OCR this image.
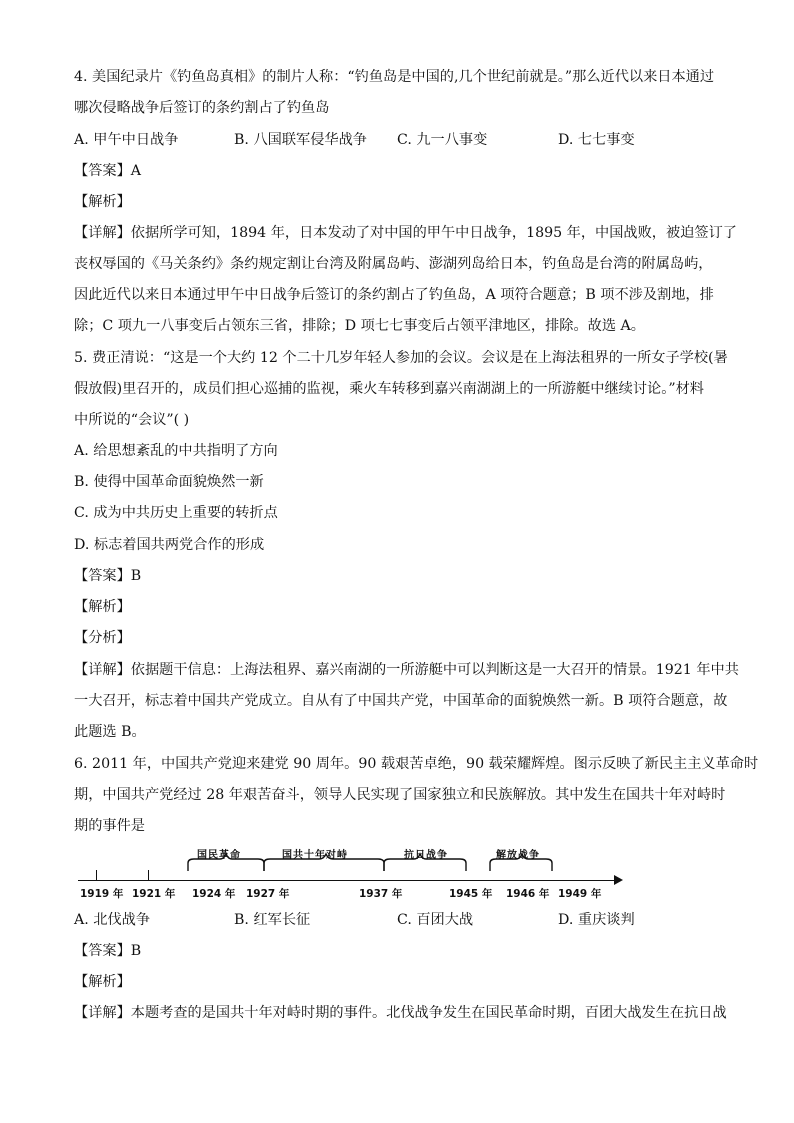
4. 美国纪录片《钓鱼岛真相》的制片人称：“钓鱼岛是中国的,几个世纪前就是。”那么近代以来日本通过
哪次侵略战争后签订的条约割占了钓鱼岛
A. 甲午中日战争	B. 八国联军侵华战争 C. 九一八事变	D. 七七事变
【答案】A
【解析】
【详解】依据所学可知，1894 年，日本发动了对中国的甲午中日战争，1895 年，中国战败，被迫签订了
丧权辱国的《马关条约》条约规定割让台湾及附属岛屿、澎湖列岛给日本，钓鱼岛是台湾的附属岛屿，
因此近代以来日本通过甲午中日战争后签订的条约割占了钓鱼岛，A 项符合题意；B 项不涉及割地，排
除；C 项九一八事变后占领东三省，排除；D 项七七事变后占领平津地区，排除。故选 A。
5. 费正清说：“这是一个大约 12 个二十几岁年轻人参加的会议。会议是在上海法租界的一所女子学校(暑
假放假)里召开的，成员们担心巡捕的监视，乘火车转移到嘉兴南湖湖上的一所游艇中继续讨论。”材料
中所说的“会议”( )
A. 给思想紊乱的中共指明了方向
B. 使得中国革命面貌焕然一新
C. 成为中共历史上重要的转折点
D. 标志着国共两党合作的形成
【答案】B
【解析】
【分析】
【详解】依据题干信息：上海法租界、嘉兴南湖的一所游艇中可以判断这是一大召开的情景。1921 年中共
一大召开，标志着中国共产党成立。自从有了中国共产党，中国革命的面貌焕然一新。B 项符合题意，故
此题选 B。
6. 2011 年，中国共产党迎来建党 90 周年。90 载艰苦卓绝，90 载荣耀辉煌。图示反映了新民主主义革命时
期，中国共产党经过 28 年艰苦奋斗，领导人民实现了国家独立和民族解放。其中发生在国共十年对峙时
期的事件是
国民革命	国共十年对峙	抗日战争	解放战争
1919 年 1921 年 1924 年 1927 年	1937 年	1945 年 1946 年 1949 年
A. 北伐战争	B. 红军长征	C. 百团大战	D. 重庆谈判
【答案】B
【解析】
【详解】本题考查的是国共十年对峙时期的事件。北伐战争发生在国民革命时期，百团大战发生在抗日战
